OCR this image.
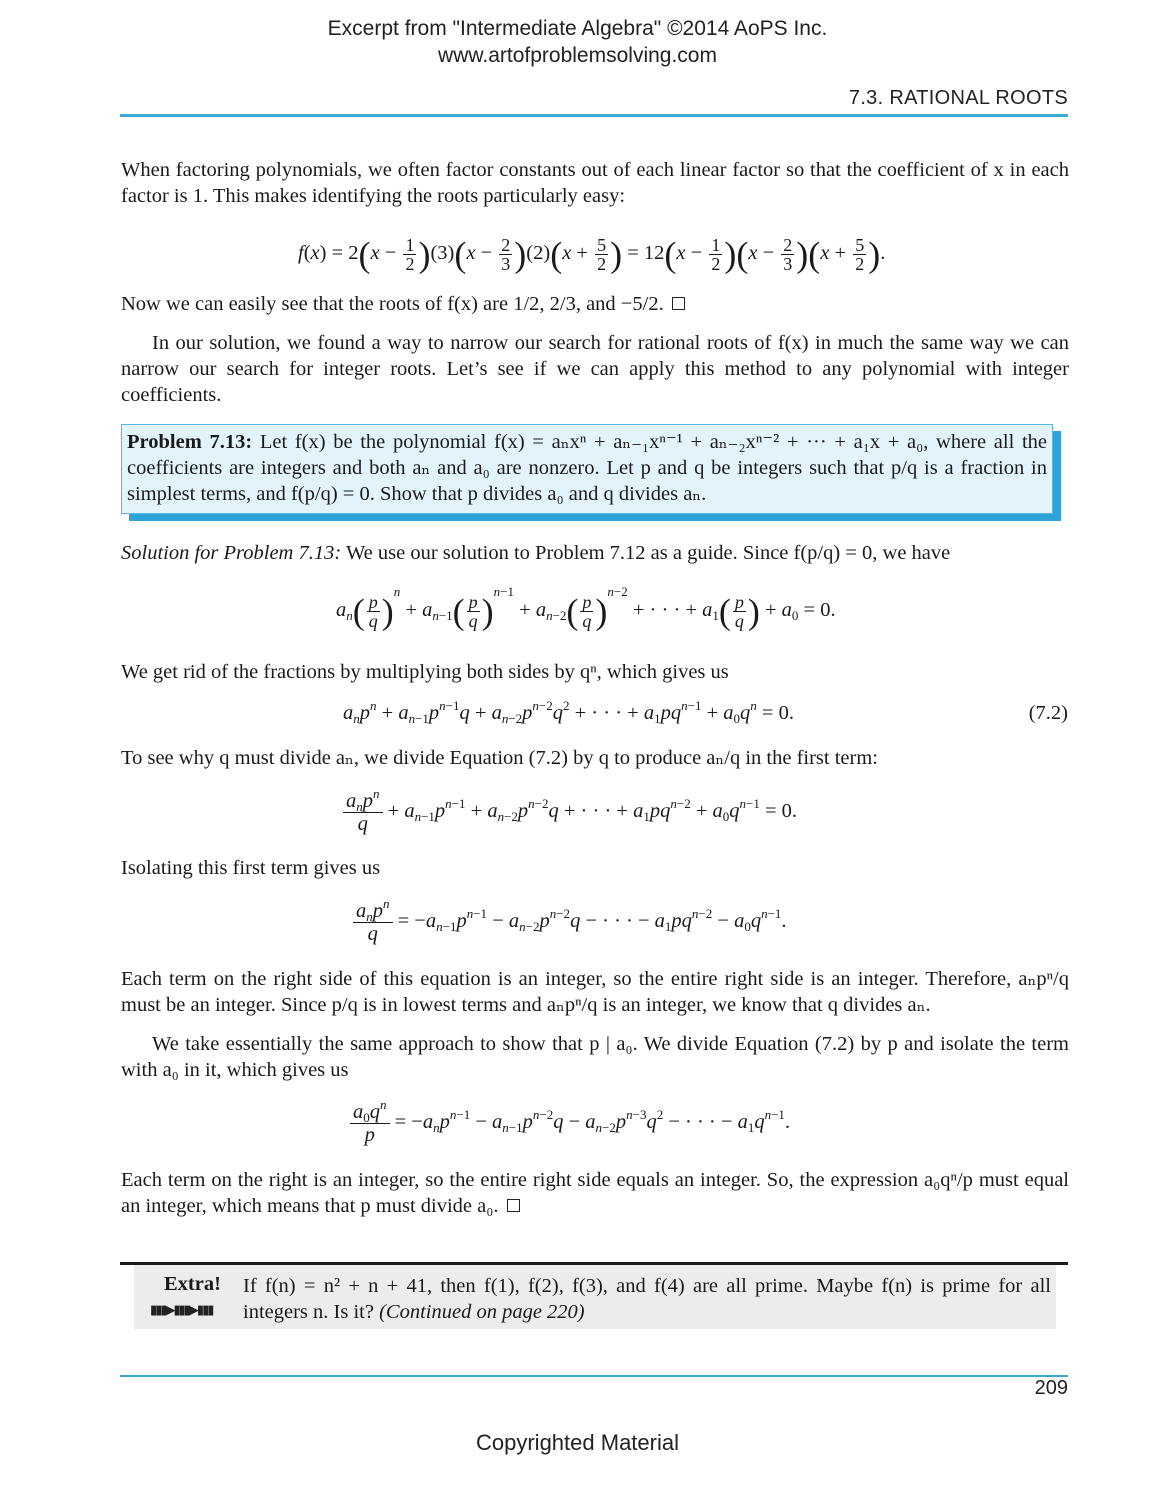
Excerpt from "Intermediate Algebra" ©2014 AoPS Inc.
www.artofproblemsolving.com
7.3. RATIONAL ROOTS
When factoring polynomials, we often factor constants out of each linear factor so that the coefficient of x in each factor is 1. This makes identifying the roots particularly easy:
$f(x) = 2(x - \frac{1}{2} )(3)(x - \frac{2}{3} )(2)(x + \frac{5}{2}$ ) = $12(x - \frac{1}{2} )(x - \frac{2}{3} )(x + \frac{5}{2}$ ).
Now we can easily see that the roots of f(x) are 1/2, 2/3, and −5/2.
In our solution, we found a way to narrow our search for rational roots of f(x) in much the same way we can narrow our search for integer roots. Let’s see if we can apply this method to any polynomial with integer coefficients.
Problem 7.13: Let f(x) be the polynomial f(x) = aₙxⁿ + aₙ₋₁xⁿ⁻¹ + aₙ₋₂xⁿ⁻² + ··· + a₁x + a₀, where all the coefficients are integers and both aₙ and a₀ are nonzero. Let p and q be integers such that p/q is a fraction in simplest terms, and f(p/q) = 0. Show that p divides a₀ and q divides aₙ.
Solution for Problem 7.13: We use our solution to Problem 7.12 as a guide. Since f(p/q) = 0, we have
$a_n( \frac{p}{q} )^n + a_{n-1}( \frac{p}{q} )^{n-1} + a_{n-2}( \frac{p}{q} )^{n-2}$ + · · · + $a_1( \frac{p}{q}$ ) + $a_0 = 0$.
We get rid of the fractions by multiplying both sides by qⁿ, which gives us
$a_np^n + a_{n-1}p^{n-1}q + a_{n-2}p^{n-2}q^2$ + · · · + $a_1pq^{n-1} + a_0q^n = 0$.	(7.2)
To see why q must divide aₙ, we divide Equation (7.2) by q to produce aₙ/q in the first term:
$a_np^n$
q
+ $a_{n-1}p^{n-1} + a_{n-2}p^{n-2}q$ + · · · + $a_1pq^{n-2} + a_0q^{n-1} = 0$.
Isolating this first term gives us
$a_np^n$
q
= $-a_{n-1}p^{n-1} - a_{n-2}p^{n-2}q$ − · · · − $a_1pq^{n-2} - a_0q^{n-1}$.
Each term on the right side of this equation is an integer, so the entire right side is an integer. Therefore, aₙpⁿ/q must be an integer. Since p/q is in lowest terms and aₙpⁿ/q is an integer, we know that q divides aₙ.
We take essentially the same approach to show that p | a₀. We divide Equation (7.2) by p and isolate the term with a₀ in it, which gives us
$\frac{a_0q^n}{p} = -a_np^{n-1} - a_{n-1}p^{n-2}q - a_{n-2}p^{n-3}q^2$ − · · · − $a_1q^{n-1}$.
Each term on the right is an integer, so the entire right side equals an integer. So, the expression a₀qⁿ/p must equal an integer, which means that p must divide a₀.
Extra!
▮▮▮▶▮▮▮▶▮▮▮
If f(n) = n² + n + 41, then f(1), f(2), f(3), and f(4) are all prime. Maybe f(n) is prime for all integers n. Is it? (Continued on page 220)
209
Copyrighted Material
